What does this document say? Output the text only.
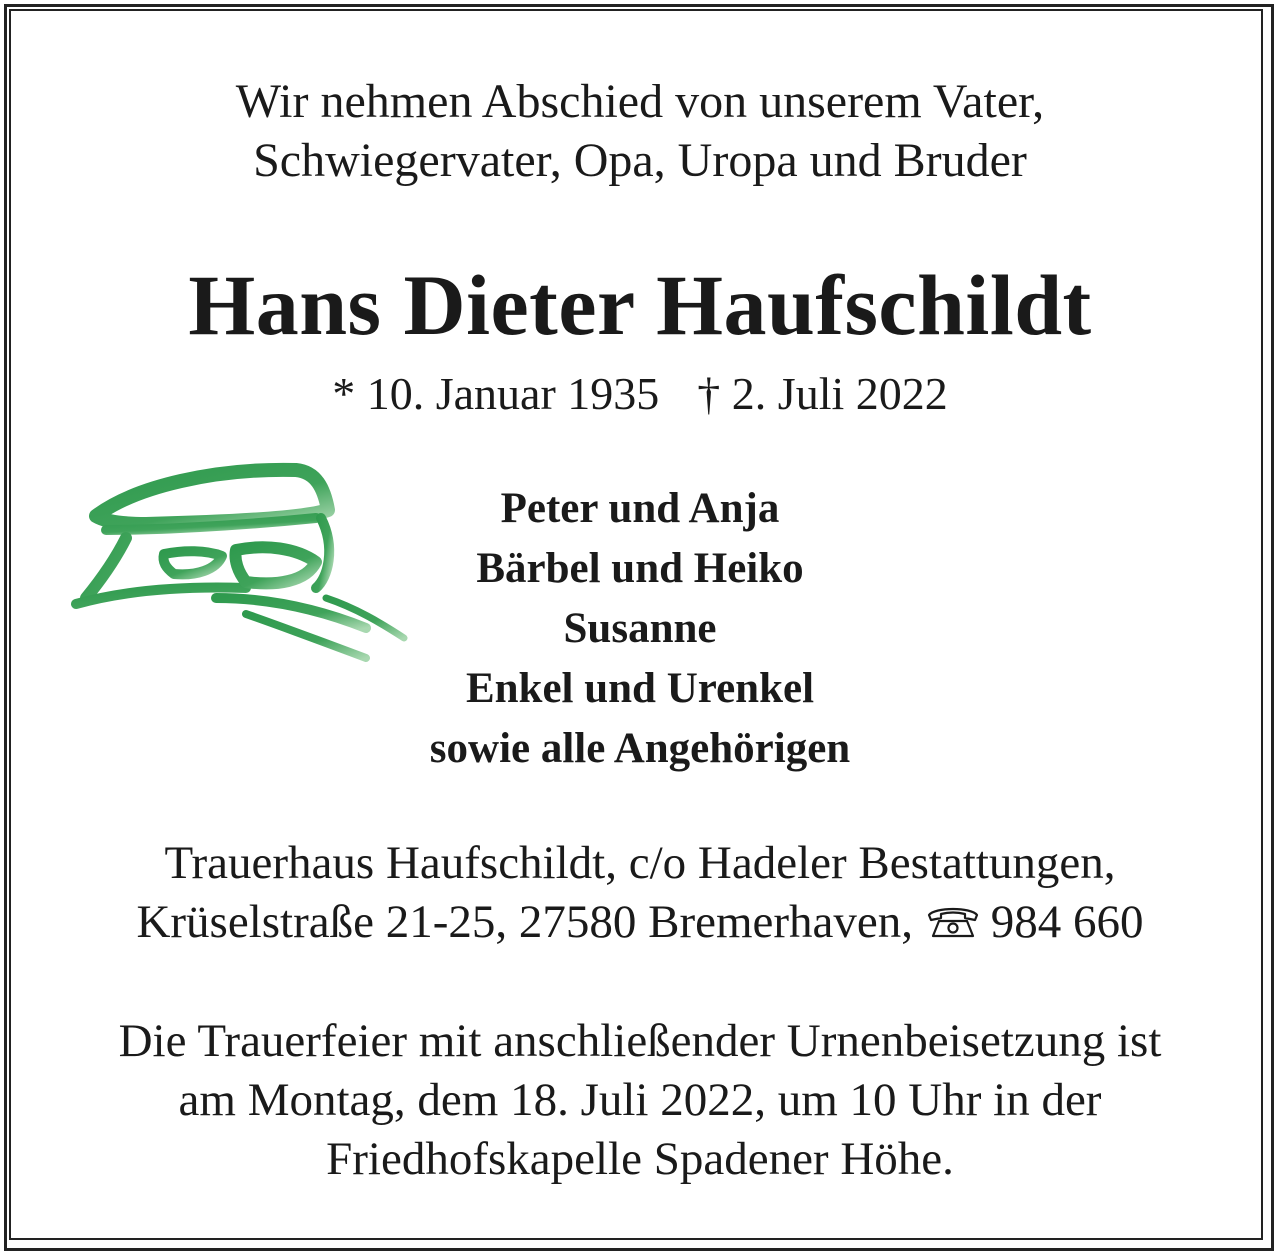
Wir nehmen Abschied von unserem Vater,
Schwiegervater, Opa, Uropa und Bruder
Hans Dieter Haufschildt
* 10. Januar 1935 † 2. Juli 2022
Peter und Anja
Bärbel und Heiko
Susanne
Enkel und Urenkel
sowie alle Angehörigen
Trauerhaus Haufschildt, c/o Hadeler Bestattungen,
Krüselstraße 21-25, 27580 Bremerhaven, 984 660
Die Trauerfeier mit anschließender Urnenbeisetzung ist
am Montag, dem 18. Juli 2022, um 10 Uhr in der
Friedhofskapelle Spadener Höhe.
